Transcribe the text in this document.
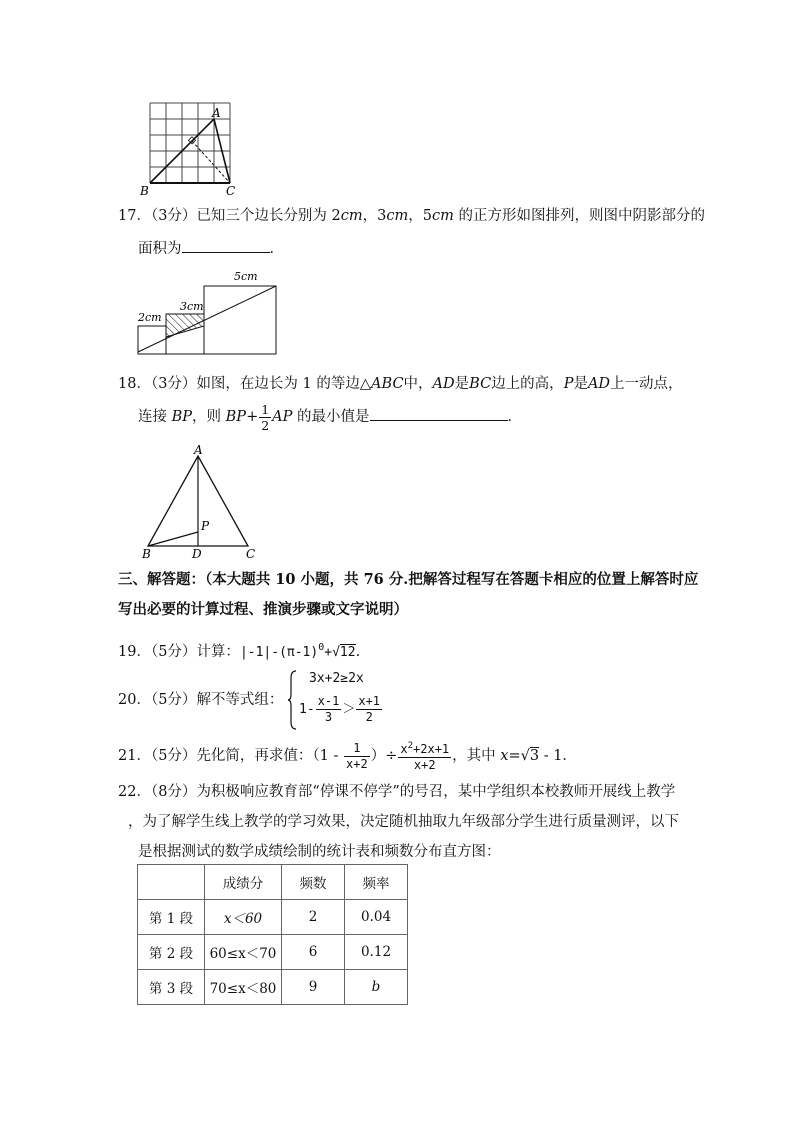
A
B	C
17．（3分）已知三个边长分别为 2cm，3cm，5cm 的正方形如图排列，则图中阴影部分的
面积为	．
5cm
3cm
2cm
18．（3分）如图，在边长为 1 的等边△ABC中，AD是BC边上的高，P是AD上一动点，
连接 BP，则 $BP+ \frac{1}{2}$ AP 的最小值是	．
A
B	C
D
P
三、解答题：（本大题共 10 小题，共 76 分.把解答过程写在答题卡相应的位置上解答时应
写出必要的计算过程、推演步骤或文字说明）
19．（5分）计算：$|-1|-(\pi-1)^0+√12$.
20．（5分）解不等式组：
3x+2≥2x
$1- \frac{x-1}{3} > \frac{x+1}{2}$
21．（5分）先化简，再求值：（$1 - \frac{1}{x+2}$ ）÷ $\frac{x^2+2x+1}{x+2}$ ，其中 x=√3 - 1．
22．（8分）为积极响应教育部“停课不停学”的号召，某中学组织本校教师开展线上教学
，为了解学生线上教学的学习效果，决定随机抽取九年级部分学生进行质量测评，以下
是根据测试的数学成绩绘制的统计表和频数分布直方图：
	成绩分	频数	频率
第 1 段	x＜60	2	0.04
第 2 段	60≤x＜70	6	0.12
第 3 段	70≤x＜80	9	b
